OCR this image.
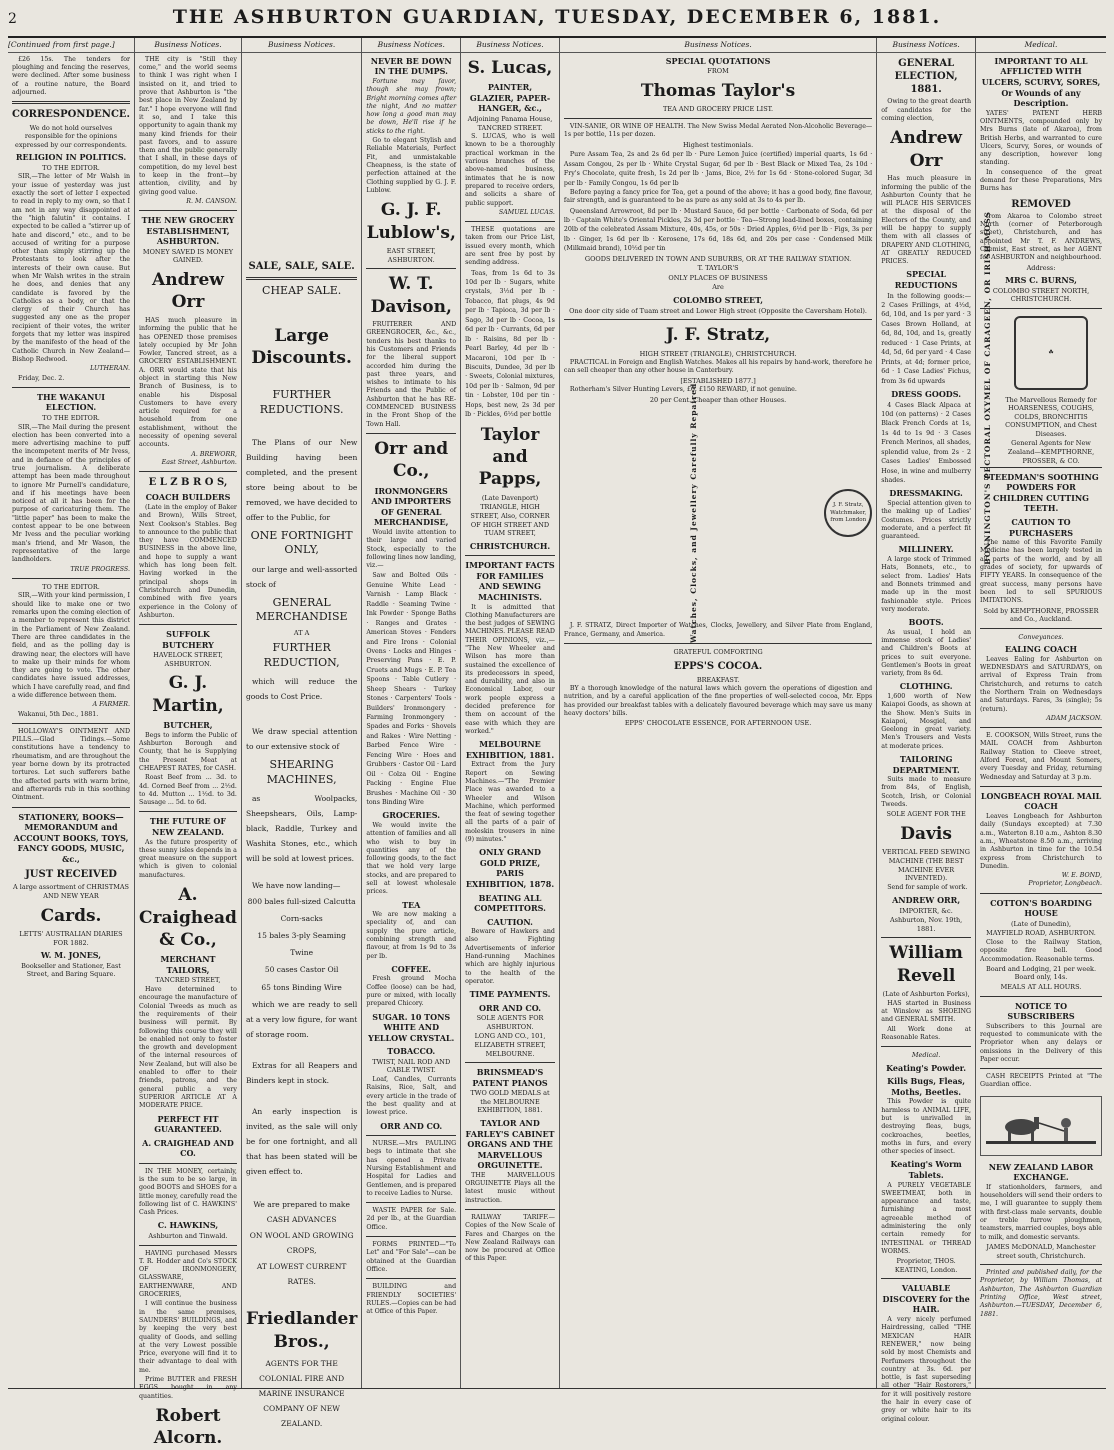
2	THE ASHBURTON GUARDIAN, TUESDAY, DECEMBER 6, 1881.
[Continued from first page.]
£26 15s. The tenders for ploughing and fencing the reserves, were declined. After some business of a routine nature, the Board adjourned.
CORRESPONDENCE.
We do not hold ourselves responsible for the opinions expressed by our correspondents.
RELIGION IN POLITICS.
TO THE EDITOR.
SIR,—The letter of Mr Walsh in your issue of yesterday was just exactly the sort of letter I expected to read in reply to my own, so that I am not in any way disappointed at the "high falutin" it contains. I expected to be called a "stirrer up of hate and discord," etc., and to be accused of writing for a purpose other than simply stirring up the Protestants to look after the interests of their own cause. But when Mr Walsh writes in the strain he does, and denies that any candidate is favored by the Catholics as a body, or that the clergy of their Church has suggested any one as the proper recipient of their votes, the writer forgets that my letter was inspired by the manifesto of the head of the Catholic Church in New Zealand—Bishop Redwood.
LUTHERAN.
Friday, Dec. 2.
THE WAKANUI ELECTION.
TO THE EDITOR.
SIR,—The Mail during the present election has been converted into a mere advertising machine to puff the incompetent merits of Mr Ivess, and in defiance of the principles of true journalism. A deliberate attempt has been made throughout to ignore Mr Purnell's candidature, and if his meetings have been noticed at all it has been for the purpose of caricaturing them. The "little paper" has been to make the contest appear to be one between Mr Ivess and the peculiar working man's friend, and Mr Wason, the representative of the large landholders.
TRUE PROGRESS.
TO THE EDITOR.
SIR,—With your kind permission, I should like to make one or two remarks upon the coming election of a member to represent this district in the Parliament of New Zealand. There are three candidates in the field, and as the polling day is drawing near, the electors will have to make up their minds for whom they are going to vote. The other candidates have issued addresses, which I have carefully read, and find a wide difference between them.
A FARMER.
Wakanui, 5th Dec., 1881.
HOLLOWAY'S OINTMENT AND PILLS.—Glad Tidings.—Some constitutions have a tendency to rheumatism, and are throughout the year borne down by its protracted tortures. Let such sufferers bathe the affected parts with warm brine, and afterwards rub in this soothing Ointment.
STATIONERY, BOOKS—MEMORANDUM and ACCOUNT BOOKS, TOYS, FANCY GOODS, MUSIC, &c.,
JUST RECEIVED
A large assortment of CHRISTMAS AND NEW YEAR
Cards.
LETTS' AUSTRALIAN DIARIES FOR 1882.
W. M. JONES,
Bookseller and Stationer, East Street, and Baring Square.
Business Notices.
THE city is "Still they come," and the world seems to think I was right when I insisted on it, and tried to prove that Ashburton is "the best place in New Zealand by far." I hope everyone will find it so, and I take this opportunity to again thank my many kind friends for their past favors, and to assure them and the public generally that I shall, in these days of competition, do my level best to keep in the front—by attention, civility, and by giving good value.
R. M. CANSON.
THE NEW GROCERY ESTABLISHMENT, ASHBURTON.
MONEY SAVED IS MONEY GAINED.
Andrew Orr
HAS much pleasure in informing the public that he has OPENED those premises lately occupied by Mr John Fowler, Tancred street, as a GROCERY ESTABLISHMENT. A. ORR would state that his object in starting this New Branch of Business, is to enable his Disposal Customers to have every article required for a household from one establishment, without the necessity of opening several accounts.
A. BREWORR,
East Street, Ashburton.
E L Z B R O S,
COACH BUILDERS
(Late in the employ of Baker and Brown), Wills Street, Next Cookson's Stables. Beg to announce to the public that they have COMMENCED BUSINESS in the above line, and hope to supply a want which has long been felt. Having worked in the principal shops in Christchurch and Dunedin, combined with five years experience in the Colony of Ashburton.
SUFFOLK BUTCHERY
HAVELOCK STREET, ASHBURTON.
G. J. Martin,
BUTCHER,
Begs to inform the Public of Ashburton Borough and County, that he is Supplying the Present Meat at CHEAPEST RATES, for CASH.
Roast Beef from ... 3d. to 4d. Corned Beef from ... 2½d. to 4d. Mutton ... 1½d. to 3d. Sausage ... 5d. to 6d.
THE FUTURE OF NEW ZEALAND.
As the future prosperity of these sunny isles depends in a great measure on the support which is given to colonial manufactures.
A. Craighead & Co.,
MERCHANT TAILORS,
TANCRED STREET,
Have determined to encourage the manufacture of Colonial Tweeds as much as the requirements of their business will permit. By following this course they will be enabled not only to foster the growth and development of the internal resources of New Zealand, but will also be enabled to offer to their friends, patrons, and the general public a very SUPERIOR ARTICLE AT A MODERATE PRICE.
PERFECT FIT GUARANTEED.
A. CRAIGHEAD AND CO.
IN THE MONEY, certainly, is the sum to be so large, in good BOOTS and SHOES for a little money, carefully read the following list of C. HAWKINS' Cash Prices.
C. HAWKINS,
Ashburton and Tinwald.
HAVING purchased Messrs T. R. Hodder and Co's STOCK OF IRONMONGERY, GLASSWARE, EARTHENWARE, AND GROCERIES,
I will continue the business in the same premises, SAUNDERS' BUILDINGS, and by keeping the very best quality of Goods, and selling at the very Lowest possible Price, everyone will find it to their advantage to deal with me.
Prime BUTTER and FRESH EGGS bought in any quantities.
Robert Alcorn.
Business Notices.
SALE, SALE, SALE.
CHEAP SALE.
Large Discounts.
FURTHER REDUCTIONS.
The Plans of our New Building having been completed, and the present store being about to be removed, we have decided to offer to the Public, for
ONE FORTNIGHT ONLY,
our large and well-assorted stock of
GENERAL MERCHANDISE
AT A
FURTHER REDUCTION,
which will reduce the goods to Cost Price.
We draw special attention to our extensive stock of
SHEARING MACHINES,
as Woolpacks, Sheepshears, Oils, Lamp-black, Raddle, Turkey and Washita Stones, etc., which will be sold at lowest prices.
We have now landing—
800 bales full-sized Calcutta Corn-sacks
15 bales 3-ply Seaming Twine
50 cases Castor Oil
65 tons Binding Wire
which we are ready to sell at a very low figure, for want of storage room.
Extras for all Reapers and Binders kept in stock.
An early inspection is invited, as the sale will only be for one fortnight, and all that has been stated will be given effect to.
We are prepared to make CASH ADVANCES
ON WOOL AND GROWING CROPS,
AT LOWEST CURRENT RATES.
Friedlander Bros.,
AGENTS FOR THE COLONIAL FIRE AND MARINE INSURANCE COMPANY OF NEW ZEALAND.
Business Notices.
NEVER BE DOWN IN THE DUMPS.
Fortune may favor, though she may frown; Bright morning comes after the night, And no matter how long a good man may be down, He'll rise if he sticks to the right.
Go to elegant Stylish and Reliable Materials, Perfect Fit, and unmistakable Cheapness, is the state of perfection attained at the Clothing supplied by G. J. F. Lublow.
G. J. F. Lublow's,
EAST STREET, ASHBURTON.
W. T. Davison,
FRUITERER AND GREENGROCER, &c., &c., tenders his best thanks to his Customers and Friends for the liberal support accorded him during the past three years, and wishes to intimate to his Friends and the Public of Ashburton that he has RE-COMMENCED BUSINESS in the Front Shop of the Town Hall.
Orr and Co.,
IRONMONGERS AND IMPORTERS OF GENERAL MERCHANDISE,
Would invite attention to their large and varied Stock, especially to the following lines now landing, viz.—
Saw and Bolted Oils · Genuine White Lead · Varnish · Lamp Black · Raddle · Seaming Twine · Ink Powder · Sponge Baths · Ranges and Grates · American Stoves · Fenders and Fire Irons · Colonial Ovens · Locks and Hinges · Preserving Pans · E. P. Cruets and Mugs · E. P. Tea Spoons · Table Cutlery · Sheep Shears · Turkey Stones · Carpenters' Tools · Builders' Ironmongery · Farming Ironmongery · Spades and Forks · Shovels and Rakes · Wire Netting · Barbed Fence Wire · Fencing Wire · Hoes and Grubbers · Castor Oil · Lard Oil · Colza Oil · Engine Packing · Engine Flue Brushes · Machine Oil · 30 tons Binding Wire
GROCERIES.
We would invite the attention of families and all who wish to buy in quantities any of the following goods, to the fact that we hold very large stocks, and are prepared to sell at lowest wholesale prices.
TEA
We are now making a speciality of, and can supply the pure article, combining strength and flavour, at from 1s 9d to 3s per lb.
COFFEE.
Fresh ground Mocha Coffee (loose) can be had, pure or mixed, with locally prepared Chicory.
SUGAR. 10 TONS WHITE AND YELLOW CRYSTAL.
TOBACCO.
TWIST, NAIL ROD AND CABLE TWIST.
Loaf, Candles, Currants Raisins, Rice, Salt, and every article in the trade of the best quality and at lowest price.
ORR AND CO.
NURSE.—Mrs PAULING begs to intimate that she has opened a Private Nursing Establishment and Hospital for Ladies and Gentlemen, and is prepared to receive Ladies to Nurse.
WASTE PAPER for Sale. 2d per lb., at the Guardian Office.
FORMS PRINTED—"To Let" and "For Sale"—can be obtained at the Guardian Office.
BUILDING and FRIENDLY SOCIETIES' RULES.—Copies can be had at Office of this Paper.
Business Notices.
S. Lucas,
PAINTER, GLAZIER, PAPER-HANGER, &c.,
Adjoining Panama House, TANCRED STREET.
S. LUCAS, who is well known to be a thoroughly practical workman in the various branches of the above-named business, intimates that he is now prepared to receive orders, and solicits a share of public support.
SAMUEL LUCAS.
THESE quotations are taken from our Price List, issued every month, which are sent free by post by sending address.
Teas, from 1s 6d to 3s 10d per lb · Sugars, white crystals, 3½d per lb · Tobacco, flat plugs, 4s 9d per lb · Tapioca, 3d per lb · Sago, 3d per lb · Cocoa, 1s 6d per lb · Currants, 6d per lb · Raisins, 8d per lb · Pearl Barley, 4d per lb · Macaroni, 10d per lb · Biscuits, Dundee, 3d per lb · Sweets, Colonial mixtures, 10d per lb · Salmon, 9d per tin · Lobster, 10d per tin · Hops, best new, 2s 3d per lb · Pickles, 6½d per bottle
Taylor and Papps,
(Late Davenport)
TRIANGLE, HIGH STREET, Also, CORNER OF HIGH STREET AND TUAM STREET,
CHRISTCHURCH.
IMPORTANT FACTS FOR FAMILIES AND SEWING MACHINISTS.
It is admitted that Clothing Manufacturers are the best judges of SEWING MACHINES. PLEASE READ THEIR OPINIONS, viz.,— "The New Wheeler and Wilson has more than sustained the excellence of its predecessors in speed, and durability, and also in Economical Labor, our work people express a decided preference for them on account of the ease with which they are worked."
MELBOURNE EXHIBITION, 1881.
Extract from the Jury Report on Sewing Machines.—"The Premier Place was awarded to a Wheeler and Wilson Machine, which performed the feat of sewing together all the parts of a pair of moleskin trousers in nine (9) minutes."
ONLY GRAND GOLD PRIZE, PARIS EXHIBITION, 1878.
BEATING ALL COMPETITORS.
CAUTION.
Beware of Hawkers and also Fighting Advertisements of inferior Hand-running Machines which are highly injurious to the health of the operator.
TIME PAYMENTS.
ORR AND CO.
SOLE AGENTS FOR ASHBURTON.
LONG AND CO., 101, ELIZABETH STREET, MELBOURNE.
BRINSMEAD'S PATENT PIANOS
TWO GOLD MEDALS at the MELBOURNE EXHIBITION, 1881.
TAYLOR AND FARLEY'S CABINET ORGANS AND THE MARVELLOUS ORGUINETTE.
THE MARVELLOUS ORGUINETTE Plays all the latest music without instruction.
RAILWAY TARIFF.—Copies of the New Scale of Fares and Charges on the New Zealand Railways can now be procured at Office of this Paper.
Business Notices.
SPECIAL QUOTATIONS
FROM
Thomas Taylor's
TEA AND GROCERY PRICE LIST.
VIN-SANIE, OR WINE OF HEALTH. The New Swiss Medal Aerated Non-Alcoholic Beverage—1s per bottle, 11s per dozen.
Highest testimonials.
Pure Assam Tea, 2s and 2s 6d per lb · Pure Lemon Juice (certified) imperial quarts, 1s 6d · Assam Congou, 2s per lb · White Crystal Sugar, 6d per lb · Best Black or Mixed Tea, 2s 10d · Fry's Chocolate, quite fresh, 1s 2d per lb · Jams, Bice, 2½ for 1s 6d · Stone-colored Sugar, 3d per lb · Family Congou, 1s 6d per lb
Before paying a fancy price for Tea, get a pound of the above; it has a good body, fine flavour, fair strength, and is guaranteed to be as pure as any sold at 3s to 4s per lb.
Queensland Arrowroot, 8d per lb · Mustard Sauce, 6d per bottle · Carbonate of Soda, 6d per lb · Captain White's Oriental Pickles, 2s 3d per bottle · Tea—Strong lead-lined boxes, containing 20lb of the celebrated Assam Mixture, 40s, 45s, or 50s · Dried Apples, 6½d per lb · Figs, 3s per lb · Ginger, 1s 6d per lb · Kerosene, 17s 6d, 18s 6d, and 20s per case · Condensed Milk (Milkmaid brand), 10½d per tin
GOODS DELIVERED IN TOWN AND SUBURBS, OR AT THE RAILWAY STATION.
T. TAYLOR'S
ONLY PLACES OF BUSINESS
Are
COLOMBO STREET,
One door city side of Tuam street and Lower High street (Opposite the Caversham Hotel).
J. F. Stratz,
HIGH STREET (TRIANGLE), CHRISTCHURCH.
PRACTICAL in Foreign and English Watches. Makes all his repairs by hand-work, therefore he can sell cheaper than any other house in Canterbury.
[ESTABLISHED 1877.]
Rotherham's Silver Hunting Levers, £6. £150 REWARD, if not genuine.
20 per Cent. Cheaper than other Houses.
Watches, Clocks, and Jewellery Carefully Repaired	J. F. Stratz, Watchmaker, from London
J. F. STRATZ, Direct Importer of Watches, Clocks, Jewellery, and Silver Plate from England, France, Germany, and America.
GRATEFUL COMFORTING
EPPS'S COCOA.
BREAKFAST.
BY a thorough knowledge of the natural laws which govern the operations of digestion and nutrition, and by a careful application of the fine properties of well-selected cocoa, Mr. Epps has provided our breakfast tables with a delicately flavoured beverage which may save us many heavy doctors' bills.
EPPS' CHOCOLATE ESSENCE, FOR AFTERNOON USE.
Business Notices.
GENERAL ELECTION, 1881.
Owing to the great dearth of candidates for the coming election,
Andrew Orr
Has much pleasure in informing the public of the Ashburton County that he will PLACE HIS SERVICES at the disposal of the Electors of the County, and will be happy to supply them with all classes of DRAPERY AND CLOTHING, AT GREATLY REDUCED PRICES.
SPECIAL REDUCTIONS
In the following goods:— 2 Cases Frillings, at 4½d, 6d, 10d, and 1s per yard · 3 Cases Brown Holland, at 6d, 8d, 10d, and 1s, greatly reduced · 1 Case Prints, at 4d, 5d, 6d per yard · 4 Case Prints, at 4d; former price, 6d · 1 Case Ladies' Fichus, from 3s 6d upwards
DRESS GOODS.
4 Cases Black Alpaca at 10d (on patterns) · 2 Cases Black French Cords at 1s, 1s 4d to 1s 9d · 3 Cases French Merinos, all shades, splendid value, from 2s · 2 Cases Ladies' Embossed Hose, in wine and mulberry shades.
DRESSMAKING.
Special attention given to the making up of Ladies' Costumes. Prices strictly moderate, and a perfect fit guaranteed.
MILLINERY.
A large stock of Trimmed Hats, Bonnets, etc., to select from. Ladies' Hats and Bonnets trimmed and made up in the most fashionable style. Prices very moderate.
BOOTS.
As usual, I hold an immense stock of Ladies' and Children's Boots at prices to suit everyone. Gentlemen's Boots in great variety, from 8s 6d.
CLOTHING.
1,600 worth of New Kaiapoi Goods, as shown at the Show. Men's Suits in Kaiapoi, Mosgiel, and Geelong in great variety. Men's Trousers and Vests at moderate prices.
TAILORING DEPARTMENT.
Suits made to measure from 84s, of English, Scotch, Irish, or Colonial Tweeds.
SOLE AGENT FOR THE
Davis
VERTICAL FEED SEWING MACHINE (THE BEST MACHINE EVER INVENTED).
Send for sample of work.
ANDREW ORR,
IMPORTER, &c.
Ashburton, Nov. 19th, 1881.
William Revell
(Late of Ashburton Forks),
HAS started in Business at Winslow as SHOEING and GENERAL SMITH.
All Work done at Reasonable Rates.
Medical.
Keating's Powder.
Kills Bugs, Fleas, Moths, Beetles.
This Powder is quite harmless to ANIMAL LIFE, but is unrivalled in destroying fleas, bugs, cockroaches, beetles, moths in furs, and every other species of insect.
Keating's Worm Tablets.
A PURELY VEGETABLE SWEETMEAT, both in appearance and taste, furnishing a most agreeable method of administering the only certain remedy for INTESTINAL or THREAD WORMS.
Proprietor, THOS. KEATING, London.
VALUABLE DISCOVERY for the HAIR.
A very nicely perfumed Hairdressing, called "THE MEXICAN HAIR RENEWER," now being sold by most Chemists and Perfumers throughout the country at 3s. 6d. per bottle, is fast superseding all other "Hair Restorers," for it will positively restore the hair in every case of grey or white hair to its original colour.
Medical.
IMPORTANT TO ALL AFFLICTED WITH ULCERS, SCURVY, SORES, Or Wounds of any Description.
YATES' PATENT HERB OINTMENTS, compounded only by Mrs Burns (late of Akaroa), from British Herbs, and warranted to cure Ulcers, Scurvy, Sores, or wounds of any description, however long standing.
In consequence of the great demand for these Preparations, Mrs Burns has
REMOVED
from Akaroa to Colombo street North (corner of Peterborough street), Christchurch, and has appointed Mr T. F. ANDREWS, Chemist, East street, as her AGENT for ASHBURTON and neighbourhood.
Address:
MRS C. BURNS,
COLOMBO STREET NORTH, CHRISTCHURCH.
BONNINGTON'S PECTORAL OXYMEL OF CARAGEEN, OR IRISH MOSS	☘
The Marvellous Remedy for HOARSENESS, COUGHS, COLDS, BRONCHITIS CONSUMPTION, and Chest Diseases.
General Agents for New Zealand—KEMPTHORNE, PROSSER, & CO.
STEEDMAN'S SOOTHING POWDERS FOR CHILDREN CUTTING TEETH.
CAUTION TO PURCHASERS
The name of this Favorite Family Medicine has been largely tested in all parts of the world, and by all grades of society, for upwards of FIFTY YEARS. In consequence of the great success, many persons have been led to sell SPURIOUS IMITATIONS.
Sold by KEMPTHORNE, PROSSER and Co., Auckland.
Conveyances.
EALING COACH
Leaves Ealing for Ashburton on WEDNESDAYS and SATURDAYS, on arrival of Express Train from Christchurch, and returns to catch the Northern Train on Wednesdays and Saturdays. Fares, 3s (single); 5s (return).
ADAM JACKSON.
E. COOKSON, Wills Street, runs the MAIL COACH from Ashburton Railway Station to Cleeve street, Alford Forest, and Mount Somers, every Tuesday and Friday, returning Wednesday and Saturday at 3 p.m.
LONGBEACH ROYAL MAIL COACH
Leaves Longbeach for Ashburton daily (Sundays excepted) at 7.30 a.m., Waterton 8.10 a.m., Ashton 8.30 a.m., Wheatstone 8.50 a.m., arriving in Ashburton in time for the 10.54 express from Christchurch to Dunedin.
W. E. BOND,
Proprietor, Longbeach.
COTTON'S BOARDING HOUSE
(Late of Dunedin),
MAYFIELD ROAD, ASHBURTON.
Close to the Railway Station, opposite fire bell. Good Accommodation. Reasonable terms.
Board and Lodging, 21 per week. Board only, 14s.
MEALS AT ALL HOURS.
NOTICE TO SUBSCRIBERS
Subscribers to this Journal are requested to communicate with the Proprietor when any delays or omissions in the Delivery of this Paper occur.
CASH RECEIPTS Printed at "The Guardian office.
NEW ZEALAND LABOR EXCHANGE.
If stationholders, farmers, and householders will send their orders to me, I will guarantee to supply them with first-class male servants, double or treble furrow ploughmen, teamsters, married couples, boys able to milk, and domestic servants.
JAMES McDONALD, Manchester street south, Christchurch.
Printed and published daily, for the Proprietor, by William Thomas, at Ashburton, The Ashburton Guardian Printing Office, West street, Ashburton.—TUESDAY, December 6, 1881.
